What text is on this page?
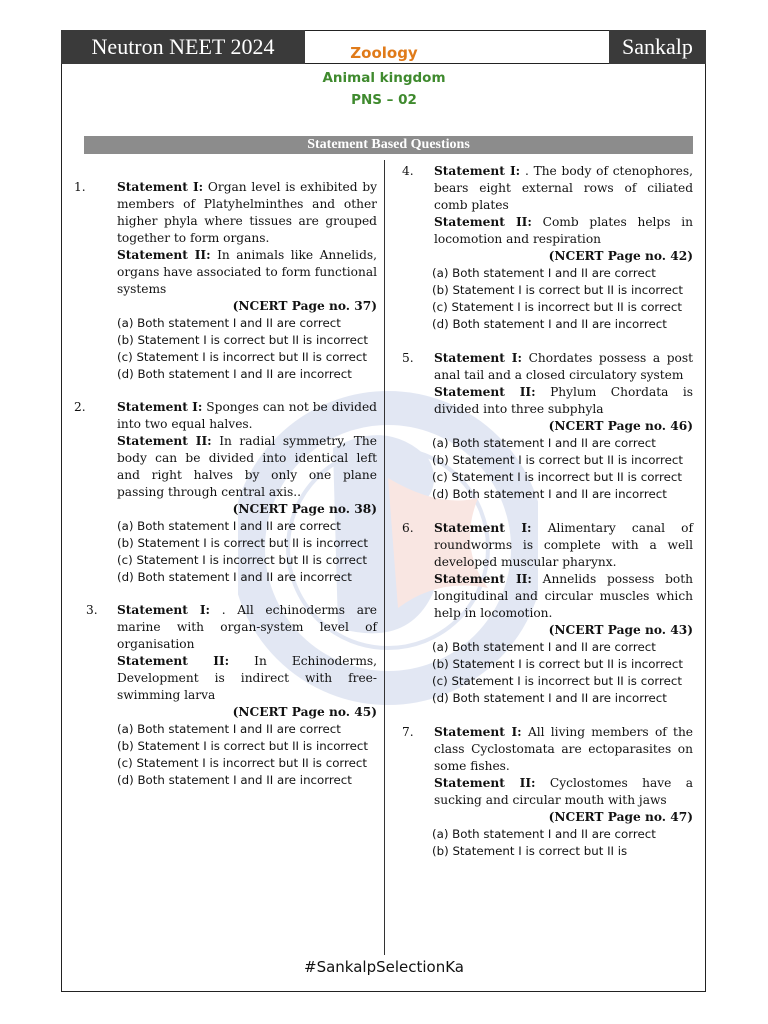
Neutron NEET 2024	Sankalp
Zoology
Animal kingdom
PNS – 02
Statement Based Questions
1.	Statement I: Organ level is exhibited by members of Platyhelminthes and other higher phyla where tissues are grouped together to form organs.
Statement II: In animals like Annelids, organs have associated to form functional systems
(NCERT Page no. 37)
(a) Both statement I and II are correct
(b) Statement I is correct but II is incorrect
(c) Statement I is incorrect but II is correct
(d) Both statement I and II are incorrect
2.	Statement I: Sponges can not be divided into two equal halves.
Statement II: In radial symmetry, The body can be divided into identical left and right halves by only one plane passing through central axis..
(NCERT Page no. 38)
(a) Both statement I and II are correct
(b) Statement I is correct but II is incorrect
(c) Statement I is incorrect but II is correct
(d) Both statement I and II are incorrect
3. Statement I: . All echinoderms are marine with organ-system level of organisation
Statement II: In Echinoderms, Development is indirect with free-swimming larva
(NCERT Page no. 45)
(a) Both statement I and II are correct
(b) Statement I is correct but II is incorrect
(c) Statement I is incorrect but II is correct
(d) Both statement I and II are incorrect
4. Statement I: . The body of ctenophores, bears eight external rows of ciliated comb plates
Statement II: Comb plates helps in locomotion and respiration
(NCERT Page no. 42)
(a) Both statement I and II are correct
(b) Statement I is correct but II is incorrect
(c) Statement I is incorrect but II is correct
(d) Both statement I and II are incorrect
5. Statement I: Chordates possess a post anal tail and a closed circulatory system
Statement II: Phylum Chordata is divided into three subphyla
(NCERT Page no. 46)
(a) Both statement I and II are correct
(b) Statement I is correct but II is incorrect
(c) Statement I is incorrect but II is correct
(d) Both statement I and II are incorrect
6. Statement I: Alimentary canal of roundworms is complete with a well developed muscular pharynx.
Statement II: Annelids possess both longitudinal and circular muscles which help in locomotion.
(NCERT Page no. 43)
(a) Both statement I and II are correct
(b) Statement I is correct but II is incorrect
(c) Statement I is incorrect but II is correct
(d) Both statement I and II are incorrect
7. Statement I: All living members of the class Cyclostomata are ectoparasites on some fishes.
Statement II: Cyclostomes have a sucking and circular mouth with jaws
(NCERT Page no. 47)
(a) Both statement I and II are correct
(b) Statement I is correct but II is
#SankalpSelectionKa
